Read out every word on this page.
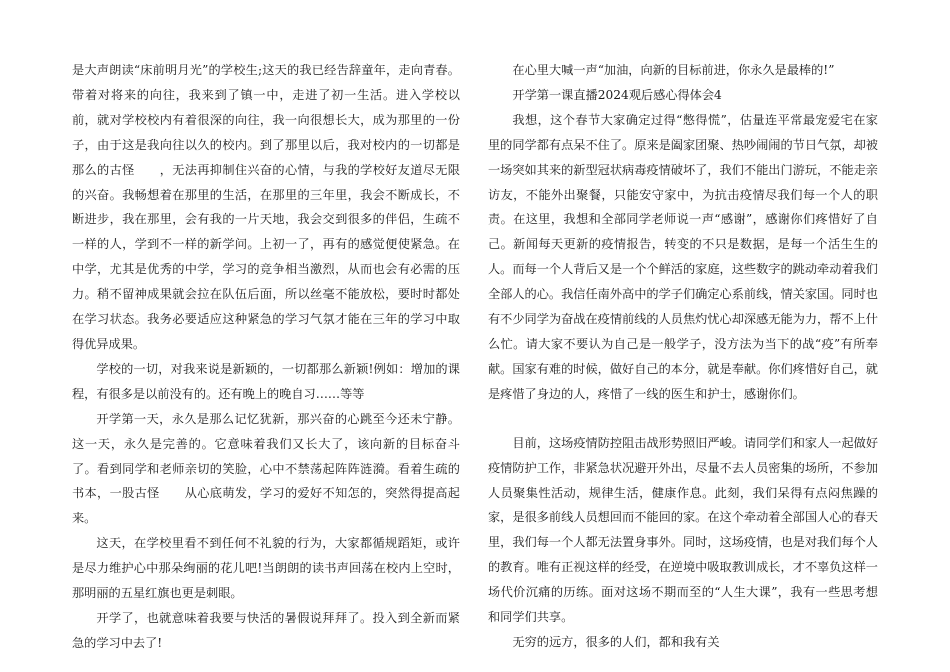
是大声朗读“床前明月光”的学校生;这天的我已经告辞童年，走向青春。带着对将来的向往，我来到了镇一中，走进了初一生活。进入学校以前，就对学校校内有着很深的向往，我一向很想长大，成为那里的一份子，由于这是我向往以久的校内。到了那里以后，我对校内的一切都是那么的古怪　　，无法再抑制住兴奋的心情，与我的学校好友道尽无限的兴奋。我畅想着在那里的生活，在那里的三年里，我会不断成长，不断进步，我在那里，会有我的一片天地，我会交到很多的伴侣，生疏不一样的人，学到不一样的新学问。上初一了，再有的感觉便使紧急。在中学，尤其是优秀的中学，学习的竞争相当激烈，从而也会有必需的压力。稍不留神成果就会拉在队伍后面，所以丝毫不能放松，要时时都处在学习状态。我务必要适应这种紧急的学习气氛才能在三年的学习中取得优异成果。

学校的一切，对我来说是新颖的，一切都那么新颖!例如：增加的课程，有很多是以前没有的。还有晚上的晚自习……等等

开学第一天，永久是那么记忆犹新，那兴奋的心跳至今还未宁静。这一天，永久是完善的。它意味着我们又长大了，该向新的目标奋斗了。看到同学和老师亲切的笑脸，心中不禁荡起阵阵涟漪。看着生疏的书本，一股古怪　　从心底萌发，学习的爱好不知怎的，突然得提高起来。

这天，在学校里看不到任何不礼貌的行为，大家都循规蹈矩，或许是尽力维护心中那朵绚丽的花儿吧!当朗朗的读书声回荡在校内上空时，那明丽的五星红旗也更是刺眼。

开学了，也就意味着我要与快活的暑假说拜拜了。投入到全新而紧急的学习中去了!

在心里大喊一声“加油，向新的目标前进，你永久是最棒的!”

开学第一课直播2024观后感心得体会4

我想，这个春节大家确定过得“憋得慌”，估量连平常最宠爱宅在家里的同学都有点呆不住了。原来是阖家团聚、热吵闹闹的节日气氛，却被一场突如其来的新型冠状病毒疫情破坏了，我们不能出门游玩，不能走亲访友，不能外出聚餐，只能安守家中，为抗击疫情尽我们每一个人的职责。在这里，我想和全部同学老师说一声“感谢”，感谢你们疼惜好了自己。新闻每天更新的疫情报告，转变的不只是数据，是每一个活生生的人。而每一个人背后又是一个个鲜活的家庭，这些数字的跳动牵动着我们全部人的心。我信任南外高中的学子们确定心系前线，情关家国。同时也有不少同学为奋战在疫情前线的人员焦灼忧心却深感无能为力，帮不上什么忙。请大家不要认为自己是一般学子，没方法为当下的战“疫”有所奉献。国家有难的时候，做好自己的本分，就是奉献。你们疼惜好自己，就是疼惜了身边的人，疼惜了一线的医生和护士，感谢你们。

目前，这场疫情防控阻击战形势照旧严峻。请同学们和家人一起做好疫情防护工作，非紧急状况避开外出，尽量不去人员密集的场所，不参加人员聚集性活动，规律生活，健康作息。此刻，我们呆得有点闷焦躁的家，是很多前线人员想回而不能回的家。在这个牵动着全部国人心的春天里，我们每一个人都无法置身事外。同时，这场疫情，也是对我们每个人的教育。唯有正视这样的经受，在逆境中吸取教训成长，才不辜负这样一场代价沉痛的历练。面对这场不期而至的“人生大课”，我有一些思考想和同学们共享。

无穷的远方，很多的人们，都和我有关
